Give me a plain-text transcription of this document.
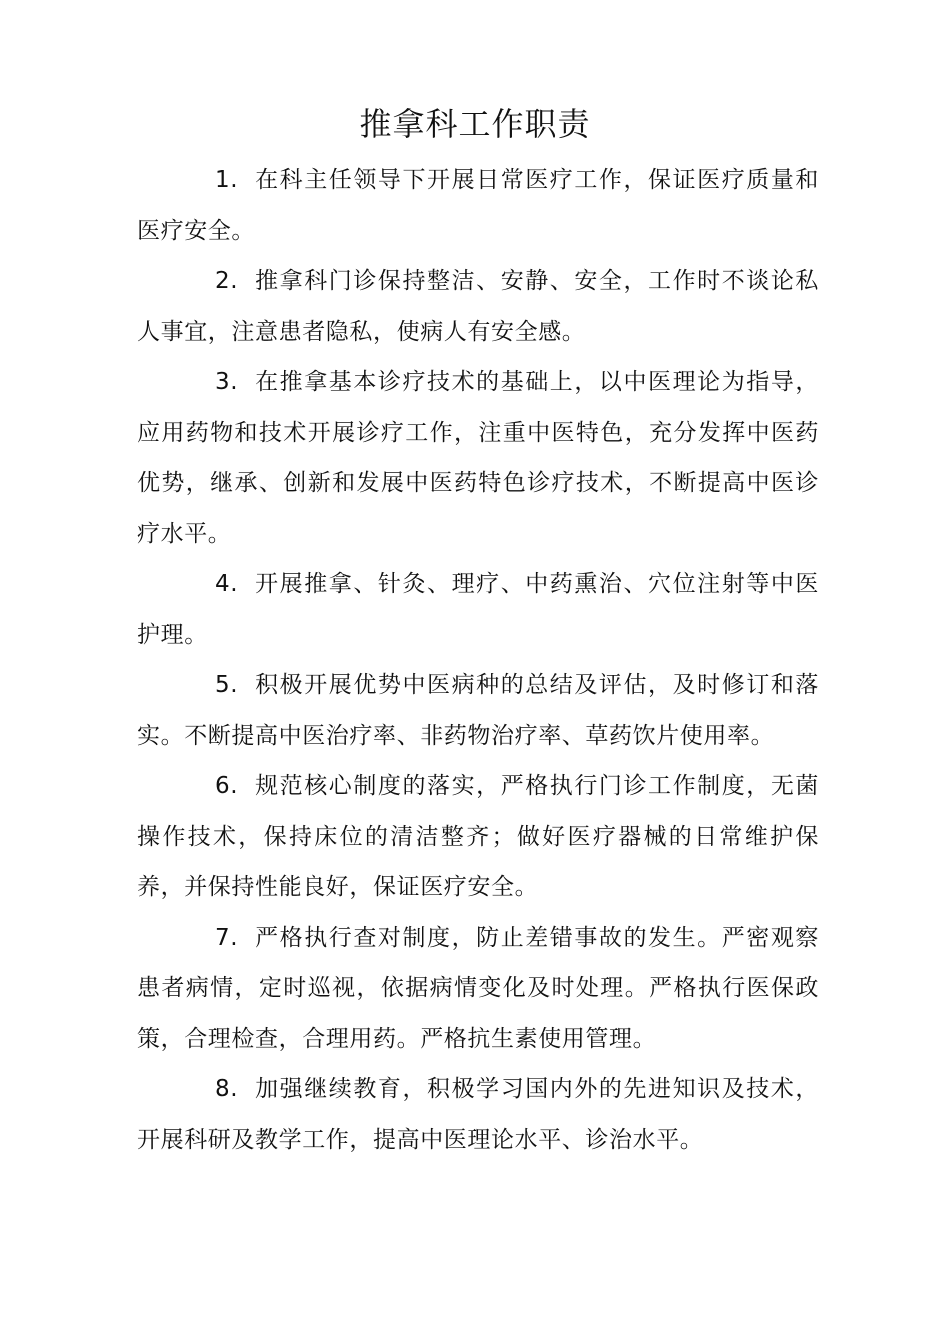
推拿科工作职责

1. 在科主任领导下开展日常医疗工作，保证医疗质量和医疗安全。

2. 推拿科门诊保持整洁、安静、安全，工作时不谈论私人事宜，注意患者隐私，使病人有安全感。

3. 在推拿基本诊疗技术的基础上，以中医理论为指导，应用药物和技术开展诊疗工作，注重中医特色，充分发挥中医药优势，继承、创新和发展中医药特色诊疗技术，不断提高中医诊疗水平。

4. 开展推拿、针灸、理疗、中药熏治、穴位注射等中医护理。

5. 积极开展优势中医病种的总结及评估，及时修订和落实。不断提高中医治疗率、非药物治疗率、草药饮片使用率。

6. 规范核心制度的落实，严格执行门诊工作制度，无菌操作技术，保持床位的清洁整齐；做好医疗器械的日常维护保养，并保持性能良好，保证医疗安全。

7. 严格执行查对制度，防止差错事故的发生。严密观察患者病情，定时巡视，依据病情变化及时处理。严格执行医保政策，合理检查，合理用药。严格抗生素使用管理。

8. 加强继续教育，积极学习国内外的先进知识及技术，开展科研及教学工作，提高中医理论水平、诊治水平。
